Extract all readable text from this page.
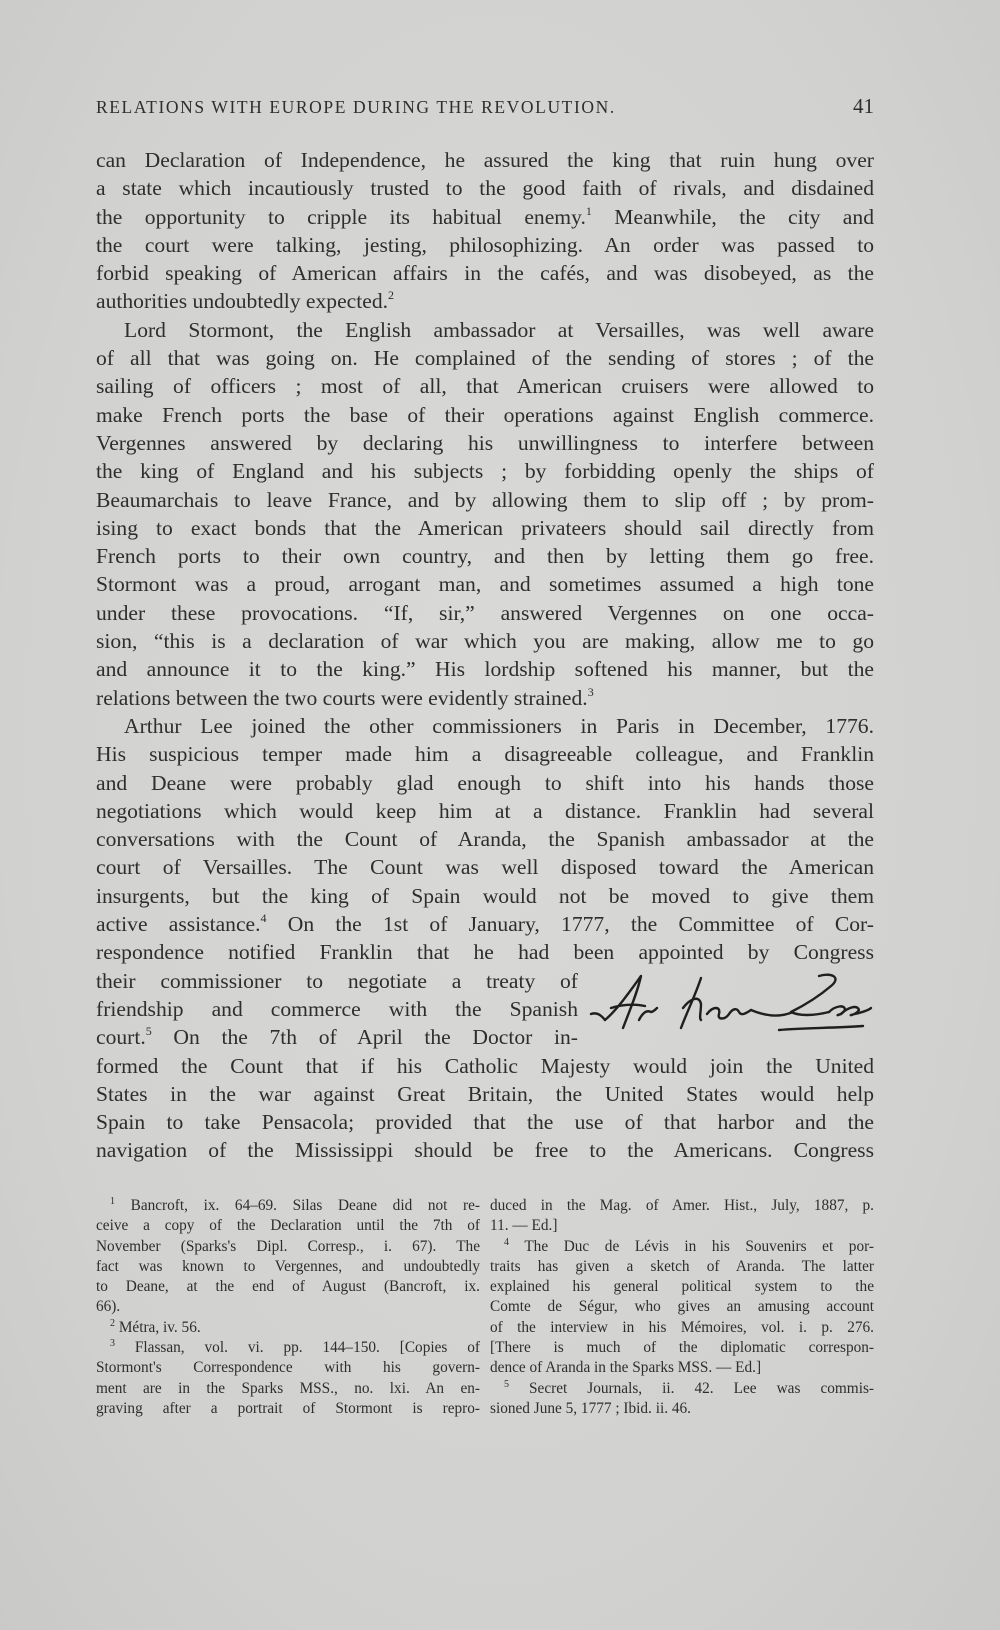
RELATIONS WITH EUROPE DURING THE REVOLUTION.	41
can Declaration of Independence, he assured the king that ruin hung over
a state which incautiously trusted to the good faith of rivals, and disdained
the opportunity to cripple its habitual enemy.$^1$ Meanwhile, the city and
the court were talking, jesting, philosophizing. An order was passed to
forbid speaking of American affairs in the cafés, and was disobeyed, as the
authorities undoubtedly expected.$^2$
Lord Stormont, the English ambassador at Versailles, was well aware
of all that was going on. He complained of the sending of stores ; of the
sailing of officers ; most of all, that American cruisers were allowed to
make French ports the base of their operations against English commerce.
Vergennes answered by declaring his unwillingness to interfere between
the king of England and his subjects ; by forbidding openly the ships of
Beaumarchais to leave France, and by allowing them to slip off ; by prom-
ising to exact bonds that the American privateers should sail directly from
French ports to their own country, and then by letting them go free.
Stormont was a proud, arrogant man, and sometimes assumed a high tone
under these provocations. “If, sir,” answered Vergennes on one occa-
sion, “this is a declaration of war which you are making, allow me to go
and announce it to the king.” His lordship softened his manner, but the
relations between the two courts were evidently strained.$^3$
Arthur Lee joined the other commissioners in Paris in December, 1776.
His suspicious temper made him a disagreeable colleague, and Franklin
and Deane were probably glad enough to shift into his hands those
negotiations which would keep him at a distance. Franklin had several
conversations with the Count of Aranda, the Spanish ambassador at the
court of Versailles. The Count was well disposed toward the American
insurgents, but the king of Spain would not be moved to give them
active assistance.$^4$ On the 1st of January, 1777, the Committee of Cor-
respondence notified Franklin that he had been appointed by Congress
their commissioner to negotiate a treaty of
friendship and commerce with the Spanish
court.$^5$ On the 7th of April the Doctor in-
formed the Count that if his Catholic Majesty would join the United
States in the war against Great Britain, the United States would help
Spain to take Pensacola; provided that the use of that harbor and the
navigation of the Mississippi should be free to the Americans. Congress
$^1$ Bancroft, ix. 64–69. Silas Deane did not re-
ceive a copy of the Declaration until the 7th of
November (Sparks's Dipl. Corresp., i. 67). The
fact was known to Vergennes, and undoubtedly
to Deane, at the end of August (Bancroft, ix.
66).
$^2$ Métra, iv. 56.
$^3$ Flassan, vol. vi. pp. 144–150. [Copies of
Stormont's Correspondence with his govern-
ment are in the Sparks MSS., no. lxi. An en-
graving after a portrait of Stormont is repro-
duced in the Mag. of Amer. Hist., July, 1887, p.
11. — Ed.]
$^4$ The Duc de Lévis in his Souvenirs et por-
traits has given a sketch of Aranda. The latter
explained his general political system to the
Comte de Ségur, who gives an amusing account
of the interview in his Mémoires, vol. i. p. 276.
[There is much of the diplomatic correspon-
dence of Aranda in the Sparks MSS. — Ed.]
$^5$ Secret Journals, ii. 42. Lee was commis-
sioned June 5, 1777 ; Ibid. ii. 46.
